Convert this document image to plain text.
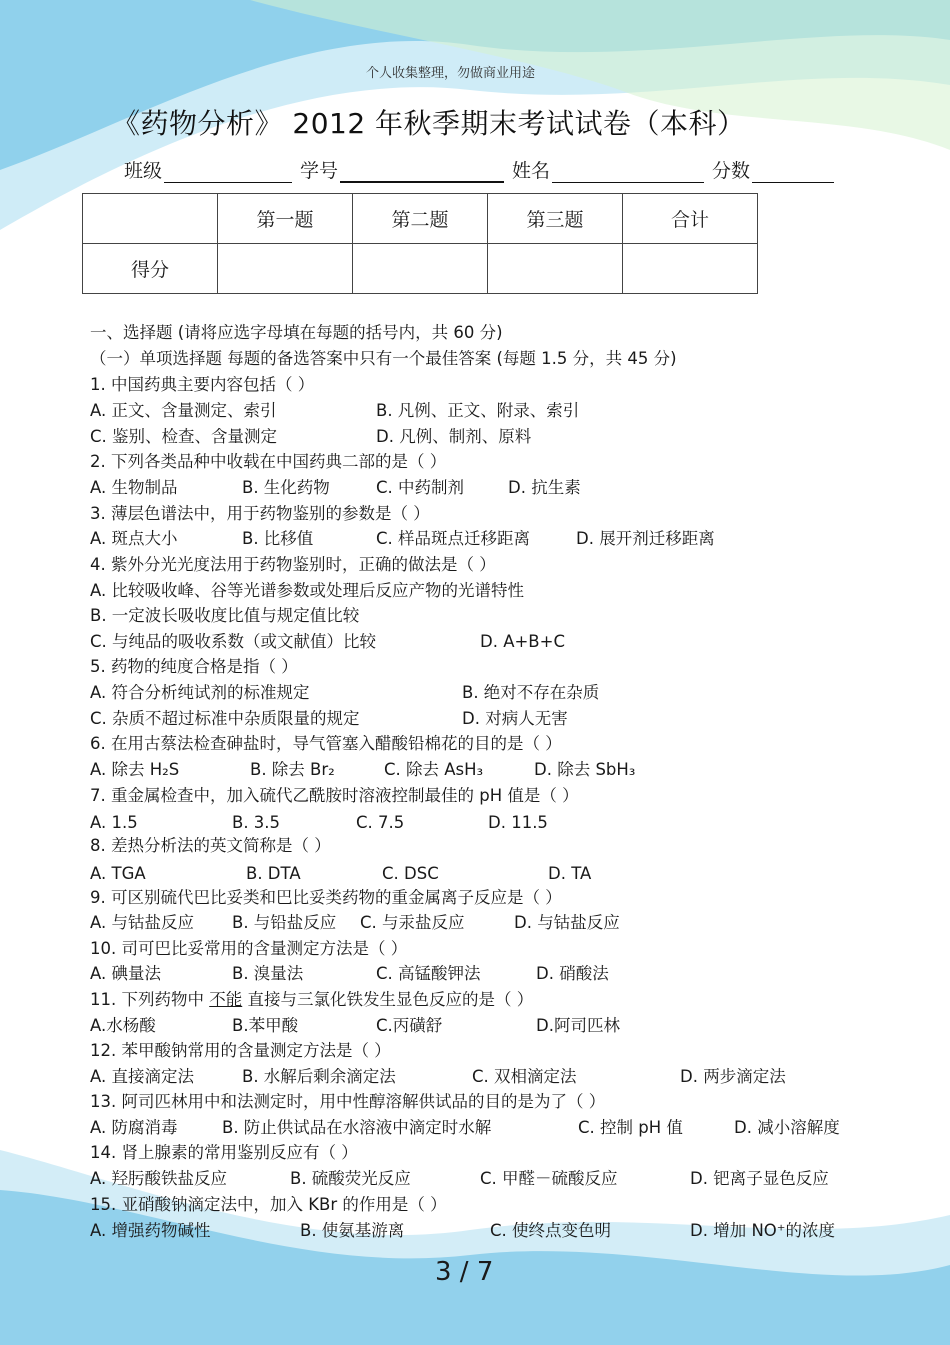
个人收集整理，勿做商业用途
《药物分析》 2012 年秋季期末考试试卷（本科）
班级	学号	姓名	分数
	第一题	第二题	第三题	合计
得分				
一、选择题 (请将应选字母填在每题的括号内，共 60 分)
（一）单项选择题 每题的备选答案中只有一个最佳答案 (每题 1.5 分，共 45 分)
1. 中国药典主要内容包括（ ）
A. 正文、含量测定、索引	B. 凡例、正文、附录、索引
C. 鉴别、检查、含量测定	D. 凡例、制剂、原料
2. 下列各类品种中收载在中国药典二部的是（ ）
A. 生物制品	B. 生化药物	C. 中药制剂	D. 抗生素
3. 薄层色谱法中，用于药物鉴别的参数是（ ）
A. 斑点大小	B. 比移值	C. 样品斑点迁移距离	D. 展开剂迁移距离
4. 紫外分光光度法用于药物鉴别时，正确的做法是（ ）
A. 比较吸收峰、谷等光谱参数或处理后反应产物的光谱特性
B. 一定波长吸收度比值与规定值比较
C. 与纯品的吸收系数（或文献值）比较	D. A+B+C
5. 药物的纯度合格是指（ ）
A. 符合分析纯试剂的标准规定	B. 绝对不存在杂质
C. 杂质不超过标准中杂质限量的规定	D. 对病人无害
6. 在用古蔡法检查砷盐时，导气管塞入醋酸铅棉花的目的是（ ）
A. 除去 H₂S	B. 除去 Br₂	C. 除去 AsH₃	D. 除去 SbH₃
7. 重金属检查中，加入硫代乙酰胺时溶液控制最佳的 pH 值是（ ）
A. 1.5	B. 3.5	C. 7.5	D. 11.5
8. 差热分析法的英文简称是（ ）
A. TGA	B. DTA	C. DSC	D. TA
9. 可区别硫代巴比妥类和巴比妥类药物的重金属离子反应是（ ）
A. 与钴盐反应 B. 与铅盐反应 C. 与汞盐反应	D. 与钴盐反应
10. 司可巴比妥常用的含量测定方法是（ ）
A. 碘量法	B. 溴量法	C. 高锰酸钾法	D. 硝酸法
11. 下列药物中 不能 直接与三氯化铁发生显色反应的是（ ）
A.水杨酸	B.苯甲酸	C.丙磺舒	D.阿司匹林
12. 苯甲酸钠常用的含量测定方法是（ ）
A. 直接滴定法	B. 水解后剩余滴定法	C. 双相滴定法	D. 两步滴定法
13. 阿司匹林用中和法测定时，用中性醇溶解供试品的目的是为了（ ）
A. 防腐消毒	B. 防止供试品在水溶液中滴定时水解	C. 控制 pH 值	D. 减小溶解度
14. 肾上腺素的常用鉴别反应有（ ）
A. 羟肟酸铁盐反应	B. 硫酸荧光反应	C. 甲醛－硫酸反应	D. 钯离子显色反应
15. 亚硝酸钠滴定法中，加入 KBr 的作用是（ ）
A. 增强药物碱性	B. 使氨基游离	C. 使终点变色明	D. 增加 NO⁺的浓度
3 / 7
